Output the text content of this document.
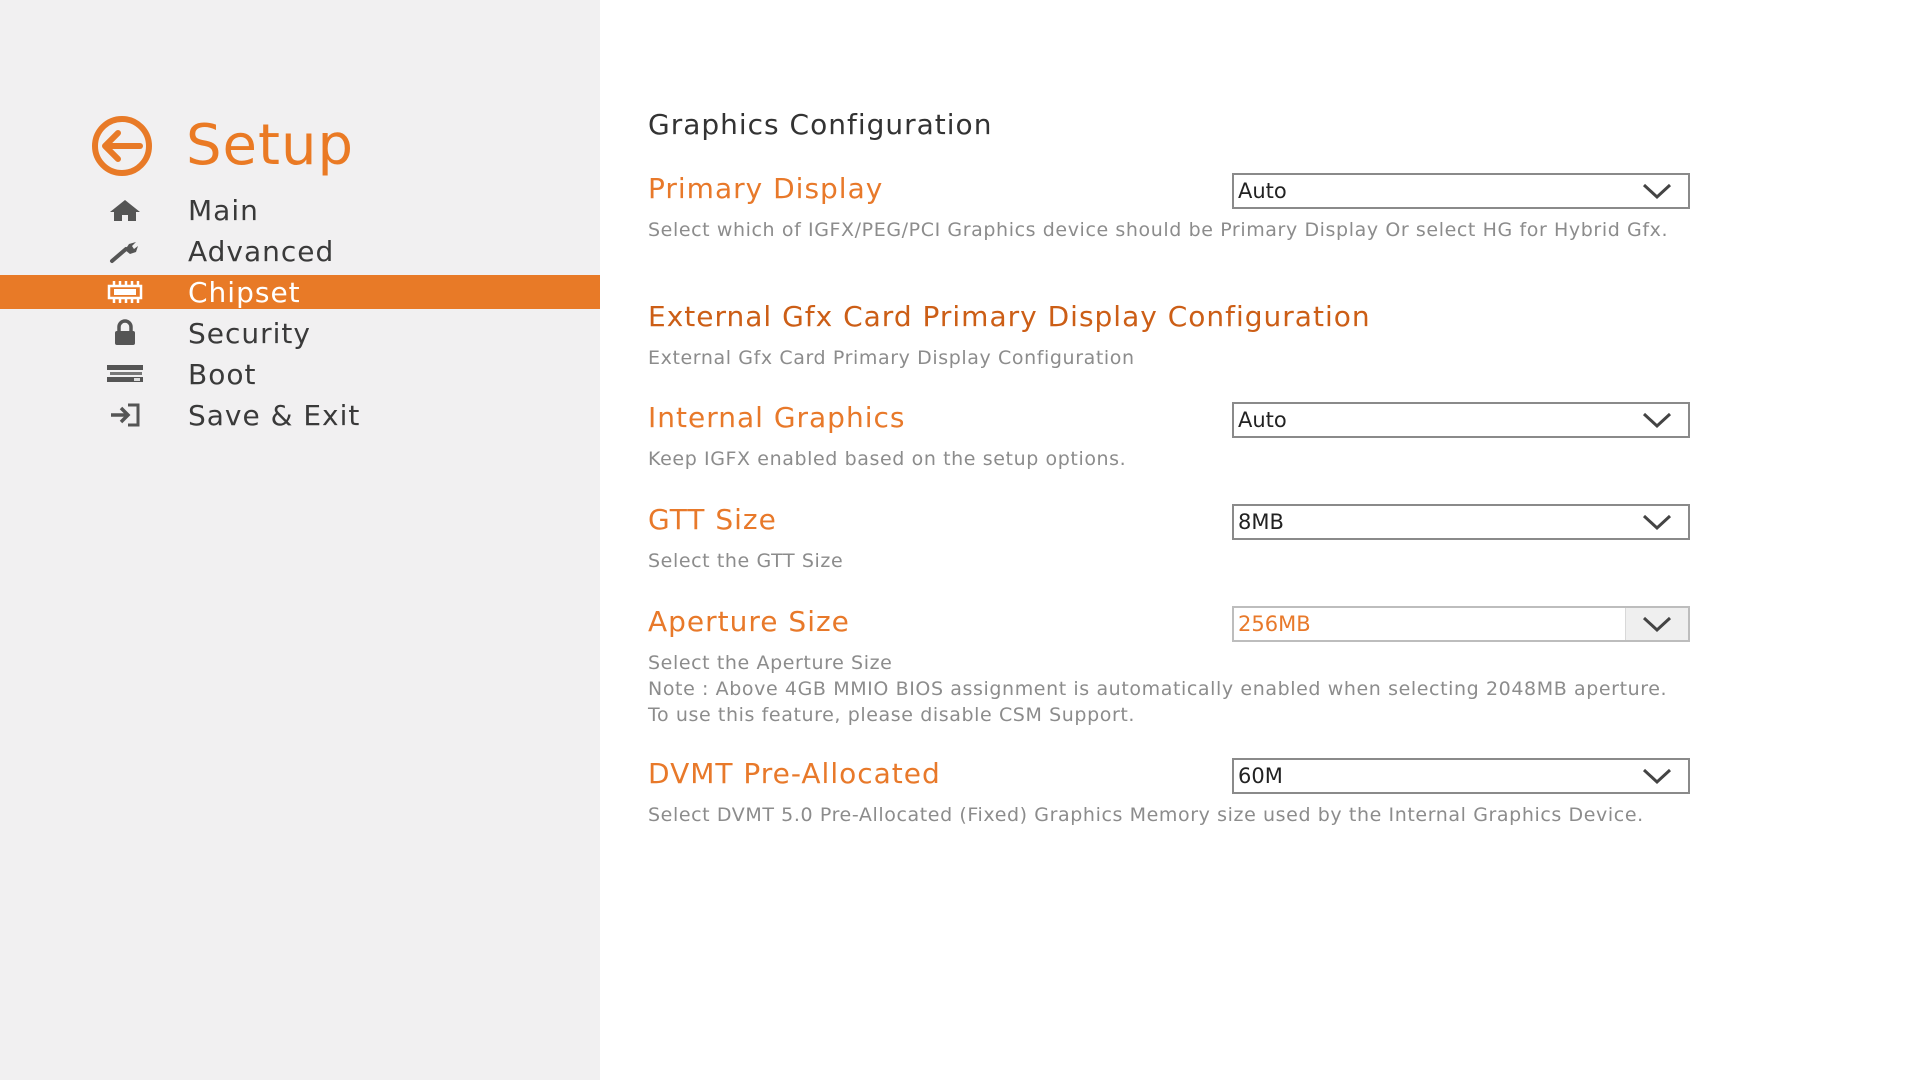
Setup
Main
Advanced
Chipset
Security
Boot
Save & Exit
Graphics Configuration
Primary Display	Auto
Select which of IGFX/PEG/PCI Graphics device should be Primary Display Or select HG for Hybrid Gfx.
External Gfx Card Primary Display Configuration
External Gfx Card Primary Display Configuration
Internal Graphics	Auto
Keep IGFX enabled based on the setup options.
GTT Size	8MB
Select the GTT Size
Aperture Size	256MB
Select the Aperture Size
Note : Above 4GB MMIO BIOS assignment is automatically enabled when selecting 2048MB aperture. To use this feature, please disable CSM Support.
DVMT Pre-Allocated	60M
Select DVMT 5.0 Pre-Allocated (Fixed) Graphics Memory size used by the Internal Graphics Device.
